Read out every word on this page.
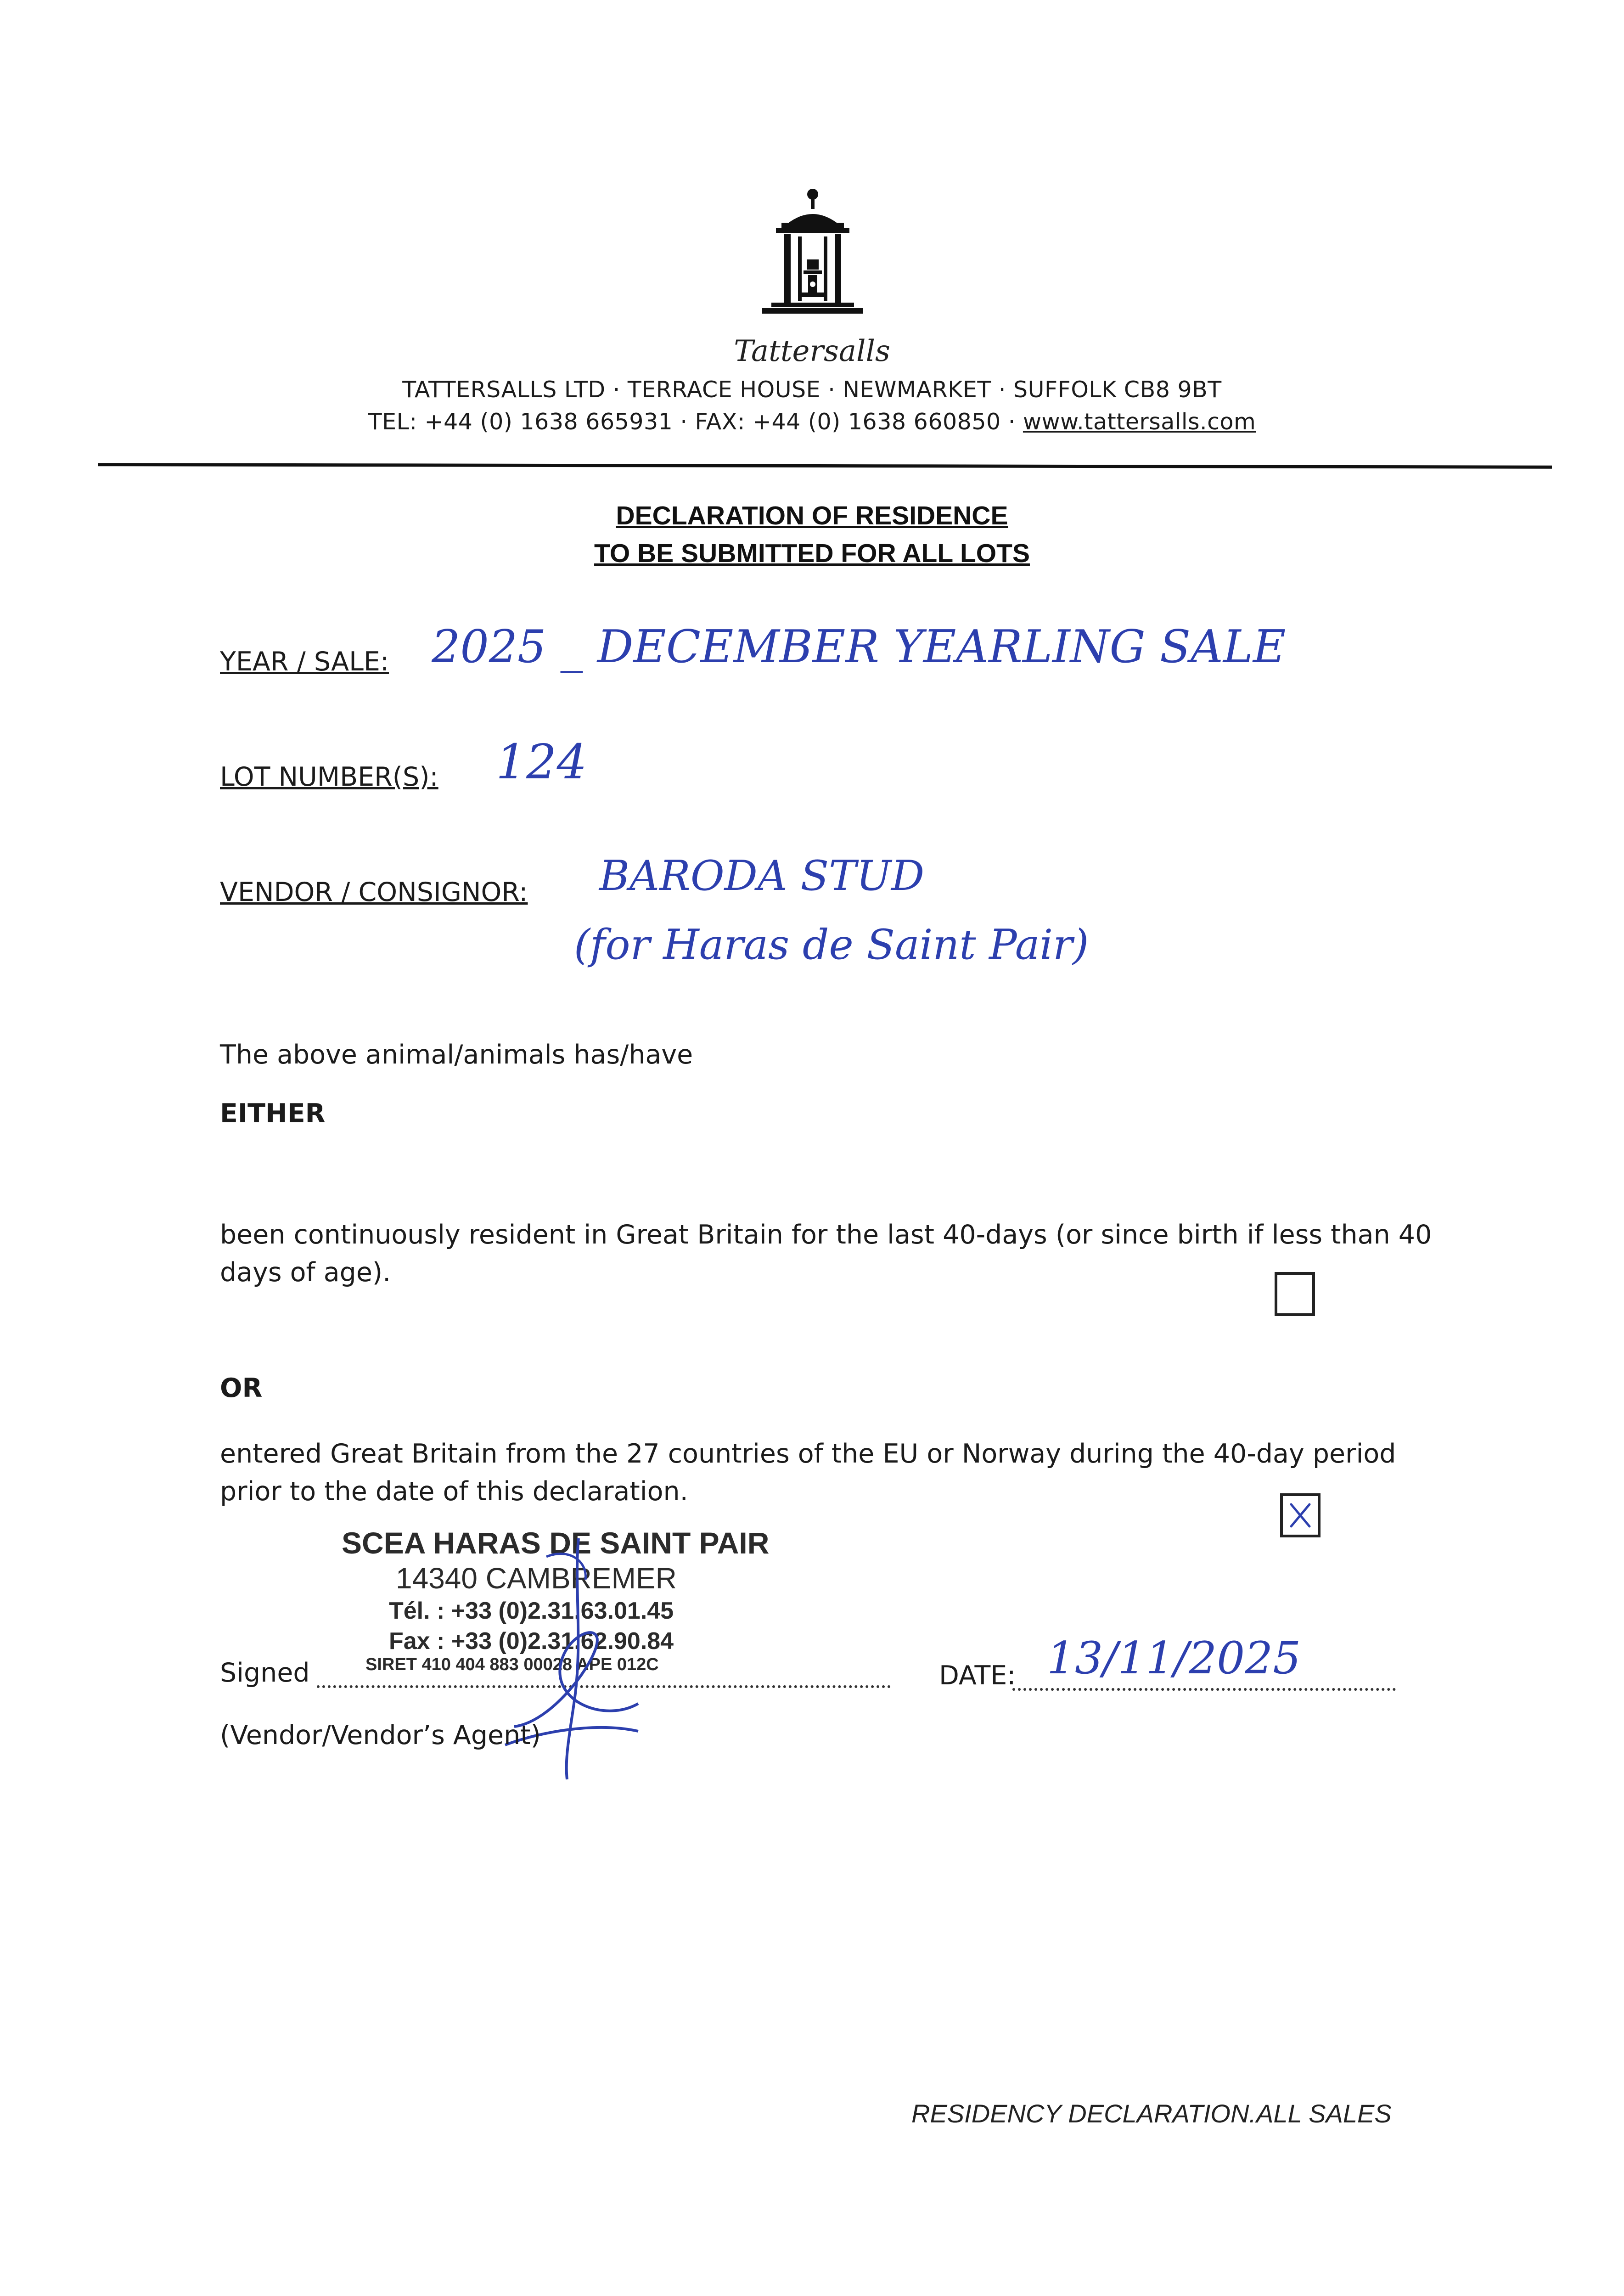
Tattersalls
TATTERSALLS LTD · TERRACE HOUSE · NEWMARKET · SUFFOLK CB8 9BT
TEL: +44 (0) 1638 665931 · FAX: +44 (0) 1638 660850 · www.tattersalls.com
DECLARATION OF RESIDENCE
TO BE SUBMITTED FOR ALL LOTS
YEAR / SALE: 2025 _ DECEMBER YEARLING SALE
LOT NUMBER(S): 124
VENDOR / CONSIGNOR: BARODA STUD
(for Haras de Saint Pair)
The above animal/animals has/have
EITHER
been continuously resident in Great Britain for the last 40-days (or since birth if less than 40
days of age).
OR
entered Great Britain from the 27 countries of the EU or Norway during the 40-day period
prior to the date of this declaration.
SCEA HARAS DE SAINT PAIR
14340 CAMBREMER
Tél. : +33 (0)2.31.63.01.45
Fax : +33 (0)2.31.62.90.84
SIRET 410 404 883 00028 APE 012C
Signed	DATE: 13/11/2025
(Vendor/Vendor’s Agent)
RESIDENCY DECLARATION.ALL SALES
